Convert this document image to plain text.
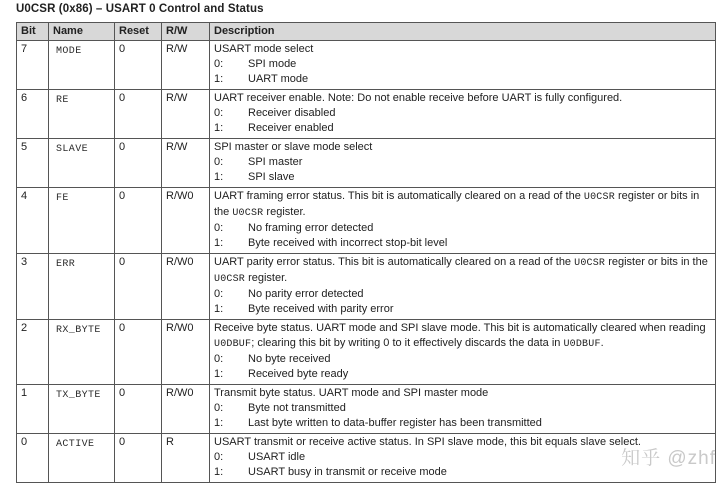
U0CSR (0x86) – USART 0 Control and Status
Bit	Name	Reset	R/W	Description
7	MODE	0	R/W	USART mode select
0: SPI mode
1: UART mode

6	RE	0	R/W	UART receiver enable. Note: Do not enable receive before UART is fully configured.
0: Receiver disabled
1: Receiver enabled

5	SLAVE	0	R/W	SPI master or slave mode select
0: SPI master
1: SPI slave

4	FE	0	R/W0	UART framing error status. This bit is automatically cleared on a read of the U0CSR register or bits in the U0CSR register.
0: No framing error detected
1: Byte received with incorrect stop-bit level

3	ERR	0	R/W0	UART parity error status. This bit is automatically cleared on a read of the U0CSR register or bits in the U0CSR register.
0: No parity error detected
1: Byte received with parity error

2	RX_BYTE	0	R/W0	Receive byte status. UART mode and SPI slave mode. This bit is automatically cleared when reading U0DBUF; clearing this bit by writing 0 to it effectively discards the data in U0DBUF.
0: No byte received
1: Received byte ready

1	TX_BYTE	0	R/W0	Transmit byte status. UART mode and SPI master mode
0: Byte not transmitted
1: Last byte written to data-buffer register has been transmitted

0	ACTIVE	0	R	USART transmit or receive active status. In SPI slave mode, this bit equals slave select.
0: USART idle
1: USART busy in transmit or receive mode
知乎 @zhf
